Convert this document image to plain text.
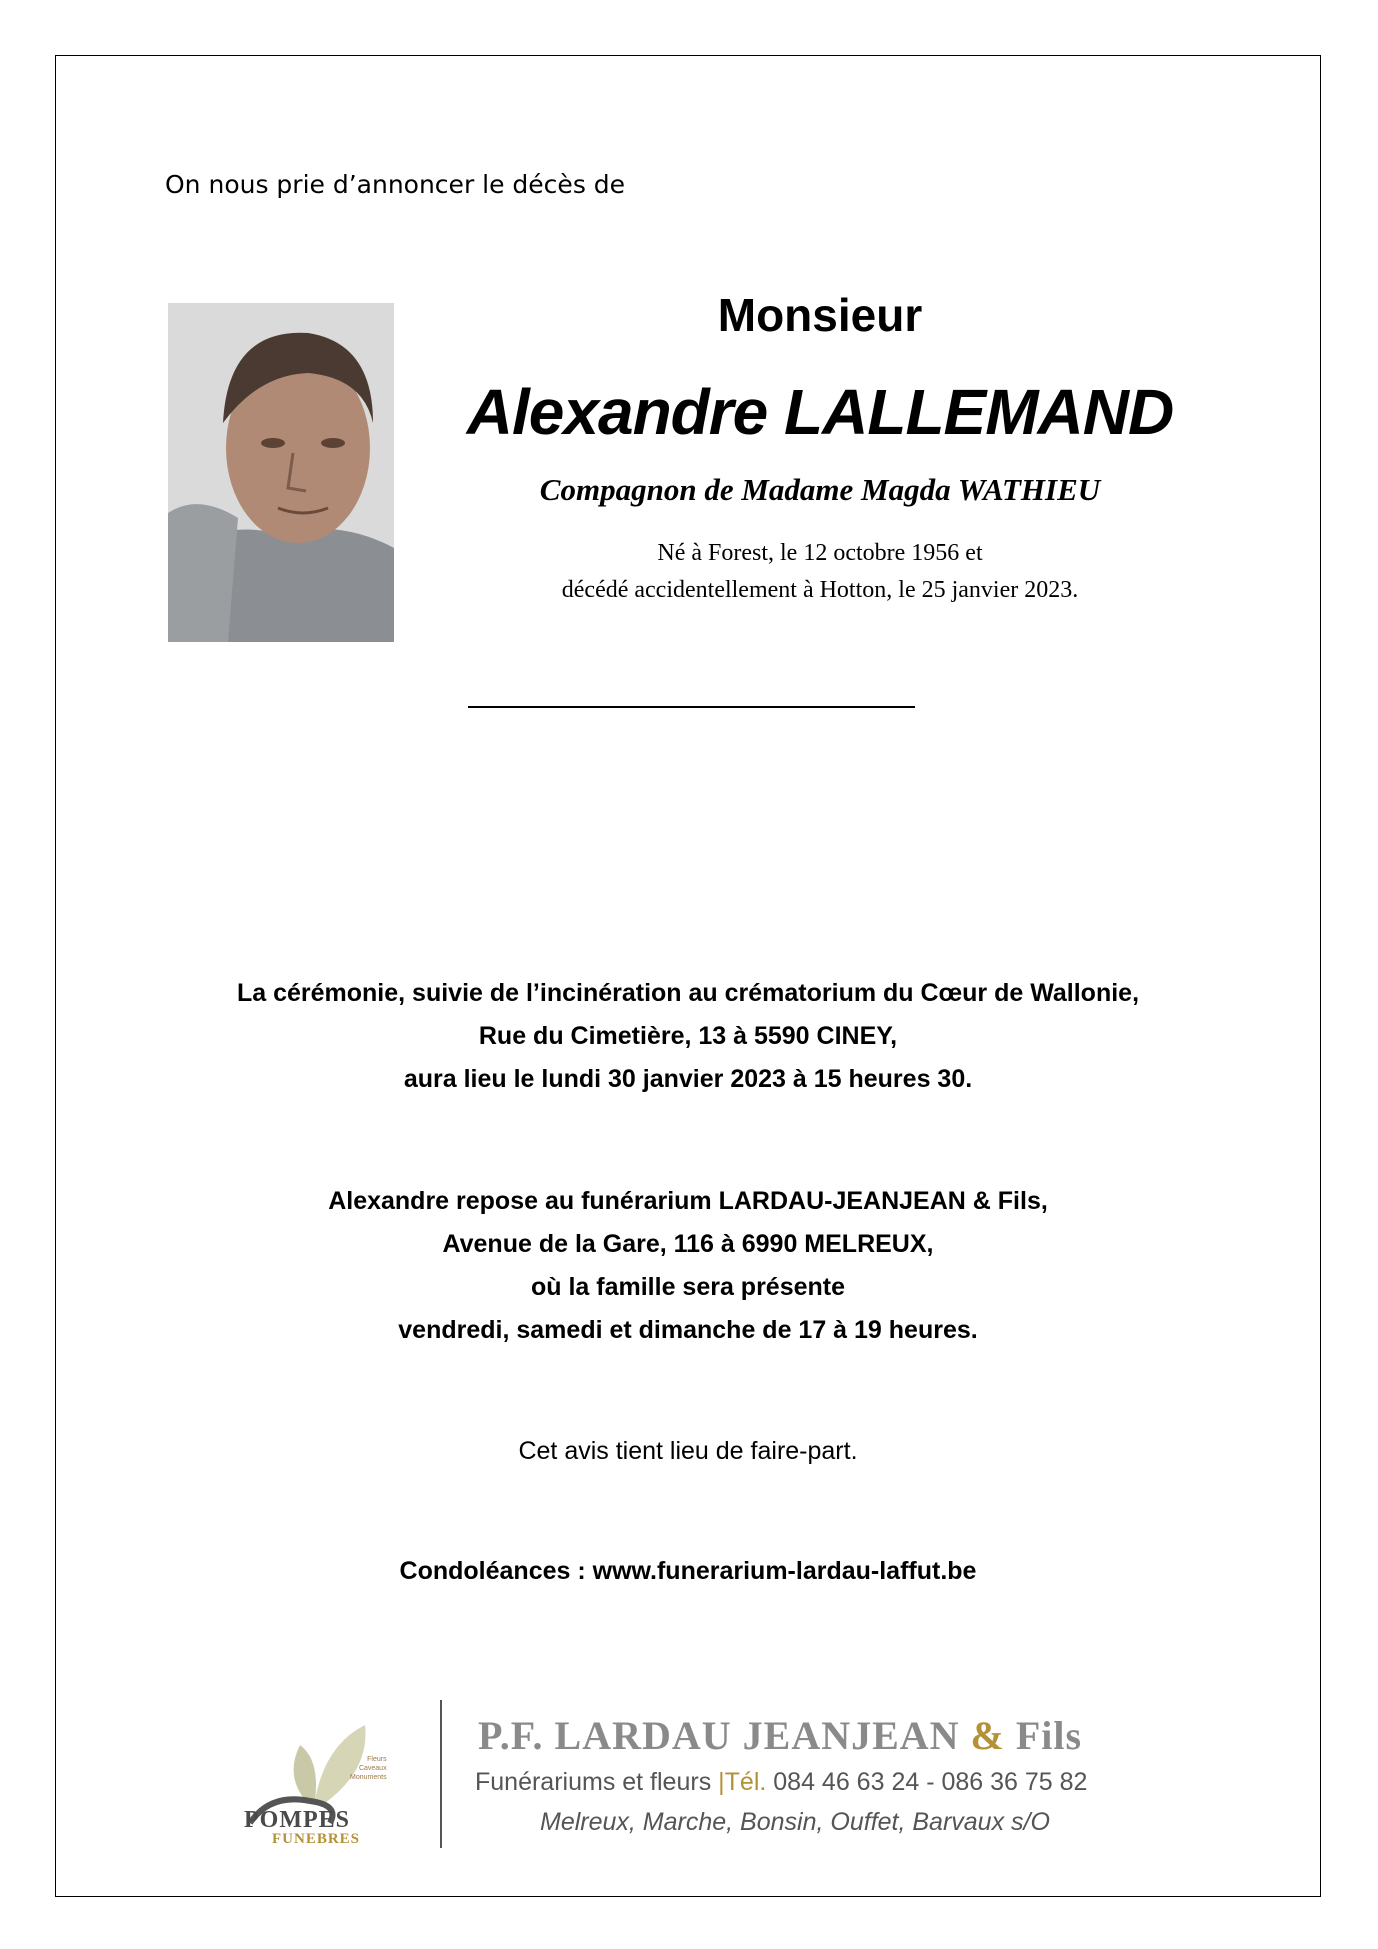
On nous prie d’annoncer le décès de
Monsieur
Alexandre LALLEMAND
Compagnon de Madame Magda WATHIEU
Né à Forest, le 12 octobre 1956 et
décédé accidentellement à Hotton, le 25 janvier 2023.
La cérémonie, suivie de l’incinération au crématorium du Cœur de Wallonie,
Rue du Cimetière, 13 à 5590 CINEY,
aura lieu le lundi 30 janvier 2023 à 15 heures 30.
Alexandre repose au funérarium LARDAU-JEANJEAN & Fils,
Avenue de la Gare, 116 à 6990 MELREUX,
où la famille sera présente
vendredi, samedi et dimanche de 17 à 19 heures.
Cet avis tient lieu de faire-part.
Condoléances : www.funerarium-lardau-laffut.be
Fleurs
Caveaux
Monuments
POMPES
FUNEBRES
P.F. LARDAU JEANJEAN & Fils
Funérariums et fleurs |Tél. 084 46 63 24 - 086 36 75 82
Melreux, Marche, Bonsin, Ouffet, Barvaux s/O
